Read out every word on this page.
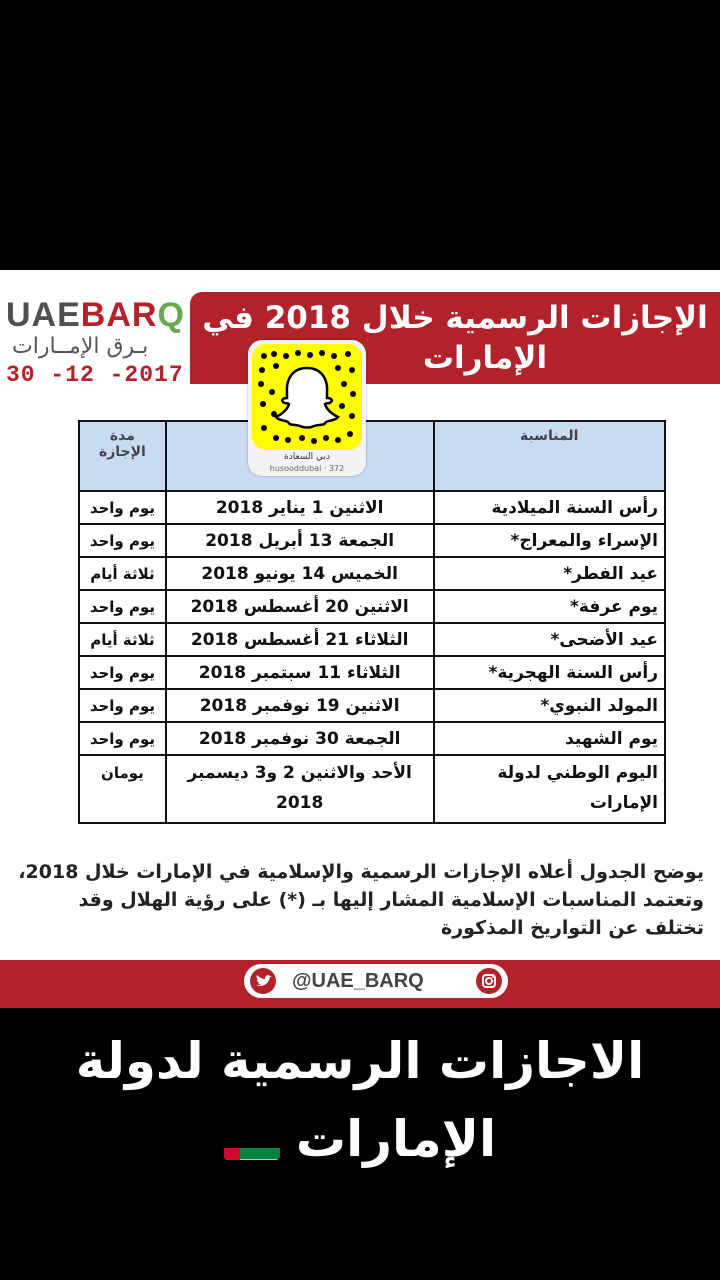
UAEBARQ
بـرق الإمــارات
30 -12 -2017
الإجازات الرسمية خلال 2018 في
الإمارات
المناسبة		مدة الإجازة
رأس السنة الميلادية	الاثنين 1 يناير 2018	يوم واحد
الإسراء والمعراج*	الجمعة 13 أبريل 2018	يوم واحد
عيد الفطر*	الخميس 14 يونيو 2018	ثلاثة أيام
يوم عرفة*	الاثنين 20 أغسطس 2018	يوم واحد
عيد الأضحى*	الثلاثاء 21 أغسطس 2018	ثلاثة أيام
رأس السنة الهجرية*	الثلاثاء 11 سبتمبر 2018	يوم واحد
المولد النبوي*	الاثنين 19 نوفمبر 2018	يوم واحد
يوم الشهيد	الجمعة 30 نوفمبر 2018	يوم واحد
اليوم الوطني لدولة الإمارات	الأحد والاثنين 2 و3 ديسمبر 2018	يومان
دبي السعادة
husooddubai · 372
يوضح الجدول أعلاه الإجازات الرسمية والإسلامية في الإمارات خلال 2018، وتعتمد المناسبات الإسلامية المشار إليها بـ (*) على رؤية الهلال وقد تختلف عن التواريخ المذكورة
@UAE_BARQ
الاجازات الرسمية لدولة
الإمارات
